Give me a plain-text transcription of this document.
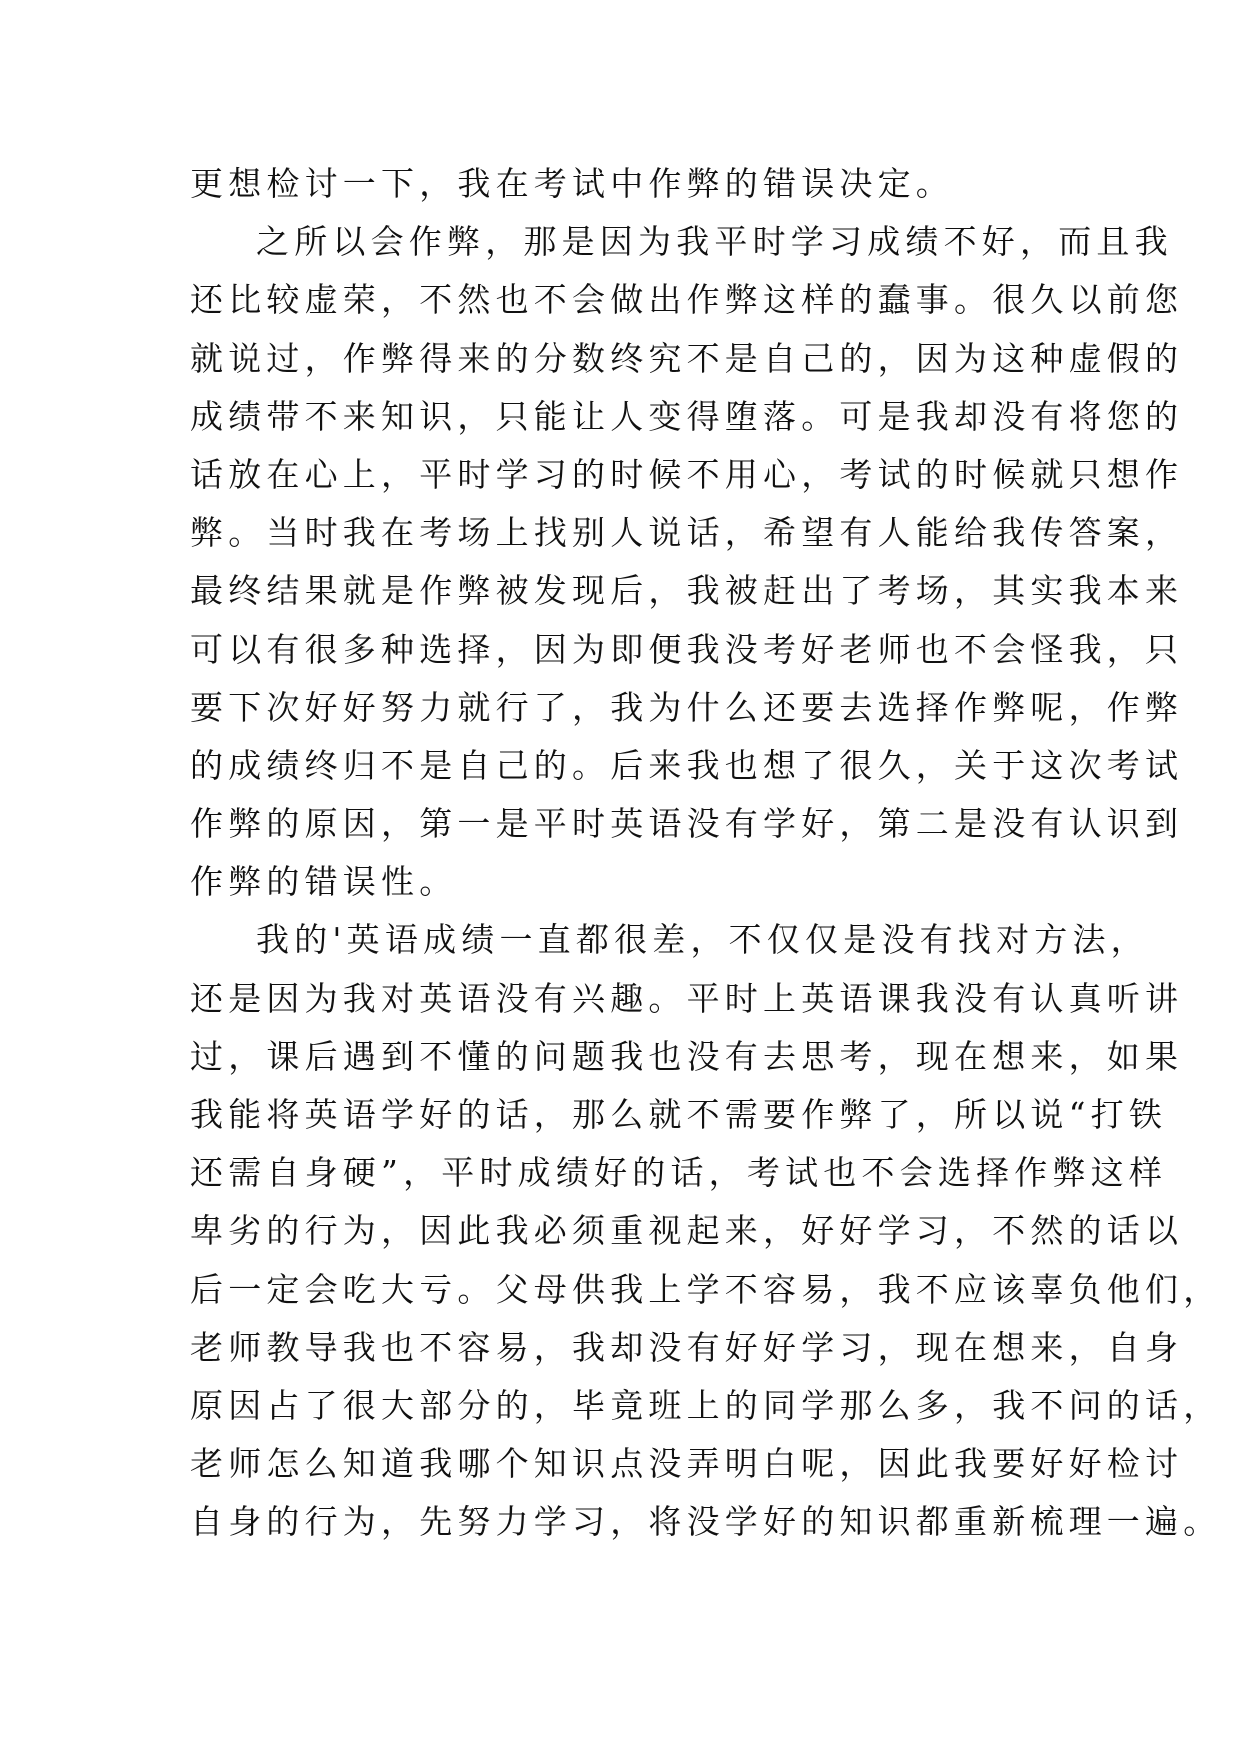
更想检讨一下，我在考试中作弊的错误决定。
之所以会作弊，那是因为我平时学习成绩不好，而且我
还比较虚荣，不然也不会做出作弊这样的蠢事。很久以前您
就说过，作弊得来的分数终究不是自己的，因为这种虚假的
成绩带不来知识，只能让人变得堕落。可是我却没有将您的
话放在心上，平时学习的时候不用心，考试的时候就只想作
弊。当时我在考场上找别人说话，希望有人能给我传答案，
最终结果就是作弊被发现后，我被赶出了考场，其实我本来
可以有很多种选择，因为即便我没考好老师也不会怪我，只
要下次好好努力就行了，我为什么还要去选择作弊呢，作弊
的成绩终归不是自己的。后来我也想了很久，关于这次考试
作弊的原因，第一是平时英语没有学好，第二是没有认识到
作弊的错误性。
我的'英语成绩一直都很差，不仅仅是没有找对方法，
还是因为我对英语没有兴趣。平时上英语课我没有认真听讲
过，课后遇到不懂的问题我也没有去思考，现在想来，如果
我能将英语学好的话，那么就不需要作弊了，所以说“打铁
还需自身硬”，平时成绩好的话，考试也不会选择作弊这样
卑劣的行为，因此我必须重视起来，好好学习，不然的话以
后一定会吃大亏。父母供我上学不容易，我不应该辜负他们，
老师教导我也不容易，我却没有好好学习，现在想来，自身
原因占了很大部分的，毕竟班上的同学那么多，我不问的话，
老师怎么知道我哪个知识点没弄明白呢，因此我要好好检讨
自身的行为，先努力学习，将没学好的知识都重新梳理一遍。
